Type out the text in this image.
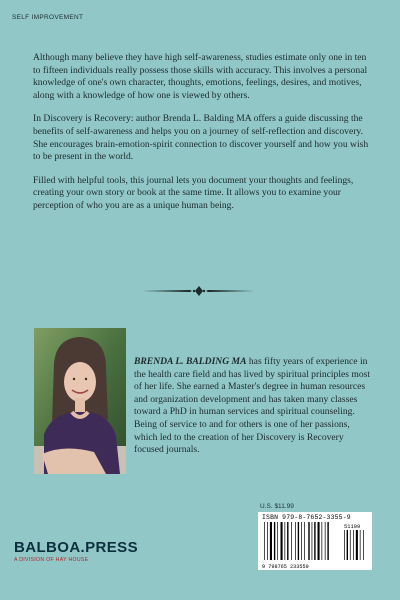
SELF IMPROVEMENT

Although many believe they have high self-awareness, studies estimate only one in ten to fifteen individuals really possess those skills with accuracy. This involves a personal knowledge of one's own character, thoughts, emotions, feelings, desires, and motives, along with a knowledge of how one is viewed by others.

In Discovery is Recovery: author Brenda L. Balding MA offers a guide discussing the benefits of self-awareness and helps you on a journey of self-reflection and discovery. She encourages brain-emotion-spirit connection to discover yourself and how you wish to be present in the world.

Filled with helpful tools, this journal lets you document your thoughts and feelings, creating your own story or book at the same time. It allows you to examine your perception of who you are as a unique human being.

BRENDA L. BALDING MA has fifty years of experience in the health care field and has lived by spiritual principles most of her life. She earned a Master's degree in human resources and organization development and has taken many classes toward a PhD in human services and spiritual counseling. Being of service to and for others is one of her passions, which led to the creation of her Discovery is Recovery focused journals.
U.S. $11.99
ISBN 979-8-7652-3355-9
9 798765 233559
51199
BALBOA.PRESS
A DIVISION OF HAY HOUSE
